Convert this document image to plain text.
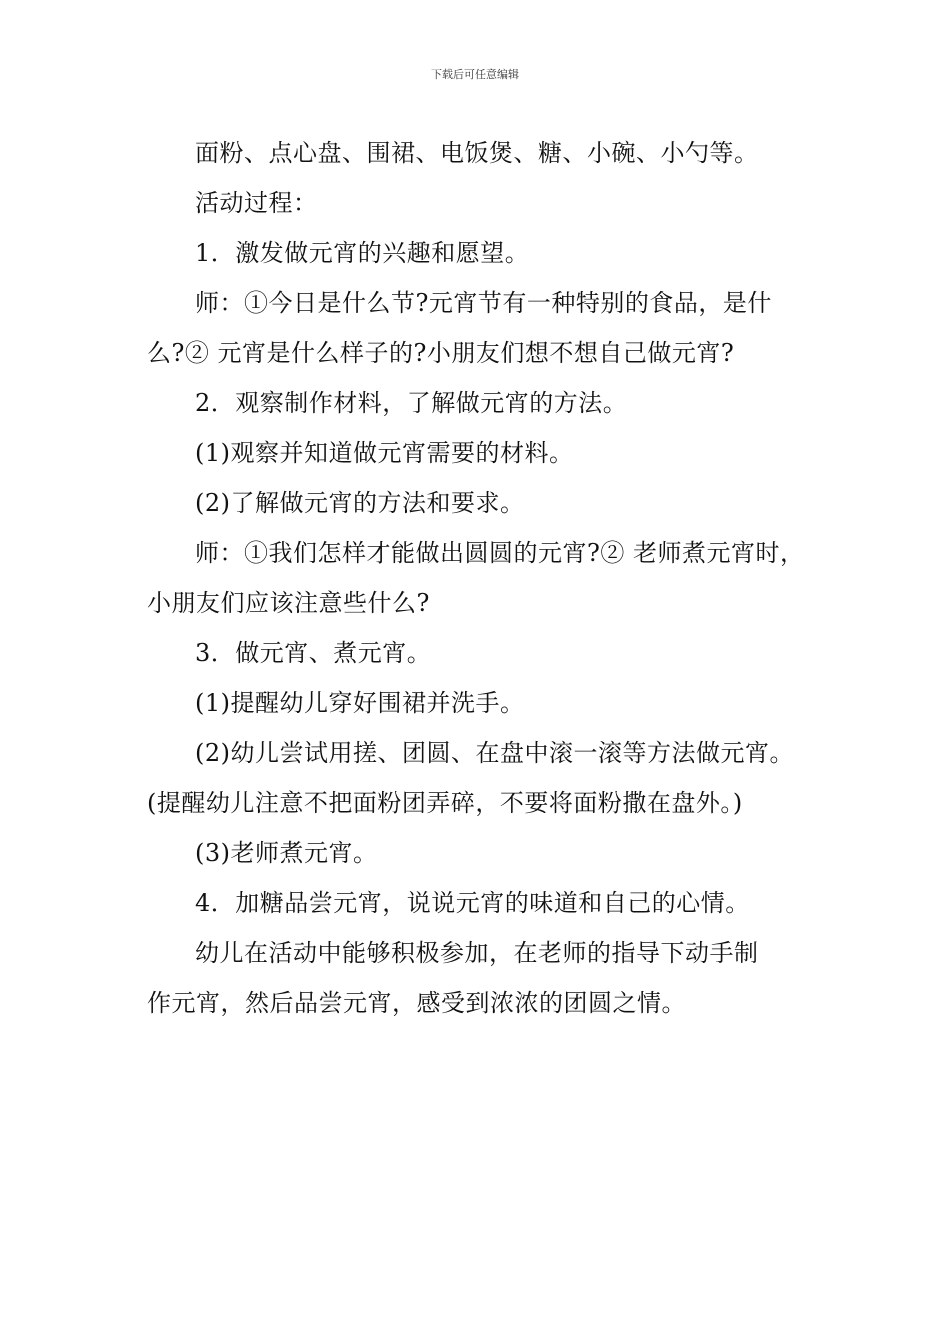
下载后可任意编辑

面粉、点心盘、围裙、电饭煲、糖、小碗、小勺等。

活动过程：

1．激发做元宵的兴趣和愿望。

师：①今日是什么节?元宵节有一种特别的食品，是什

么?② 元宵是什么样子的?小朋友们想不想自己做元宵?

2．观察制作材料，了解做元宵的方法。

(1)观察并知道做元宵需要的材料。

(2)了解做元宵的方法和要求。

师：①我们怎样才能做出圆圆的元宵?② 老师煮元宵时，

小朋友们应该注意些什么?

3．做元宵、煮元宵。

(1)提醒幼儿穿好围裙并洗手。

(2)幼儿尝试用搓、团圆、在盘中滚一滚等方法做元宵。

(提醒幼儿注意不把面粉团弄碎，不要将面粉撒在盘外。)

(3)老师煮元宵。

4．加糖品尝元宵，说说元宵的味道和自己的心情。

幼儿在活动中能够积极参加，在老师的指导下动手制

作元宵，然后品尝元宵，感受到浓浓的团圆之情。
